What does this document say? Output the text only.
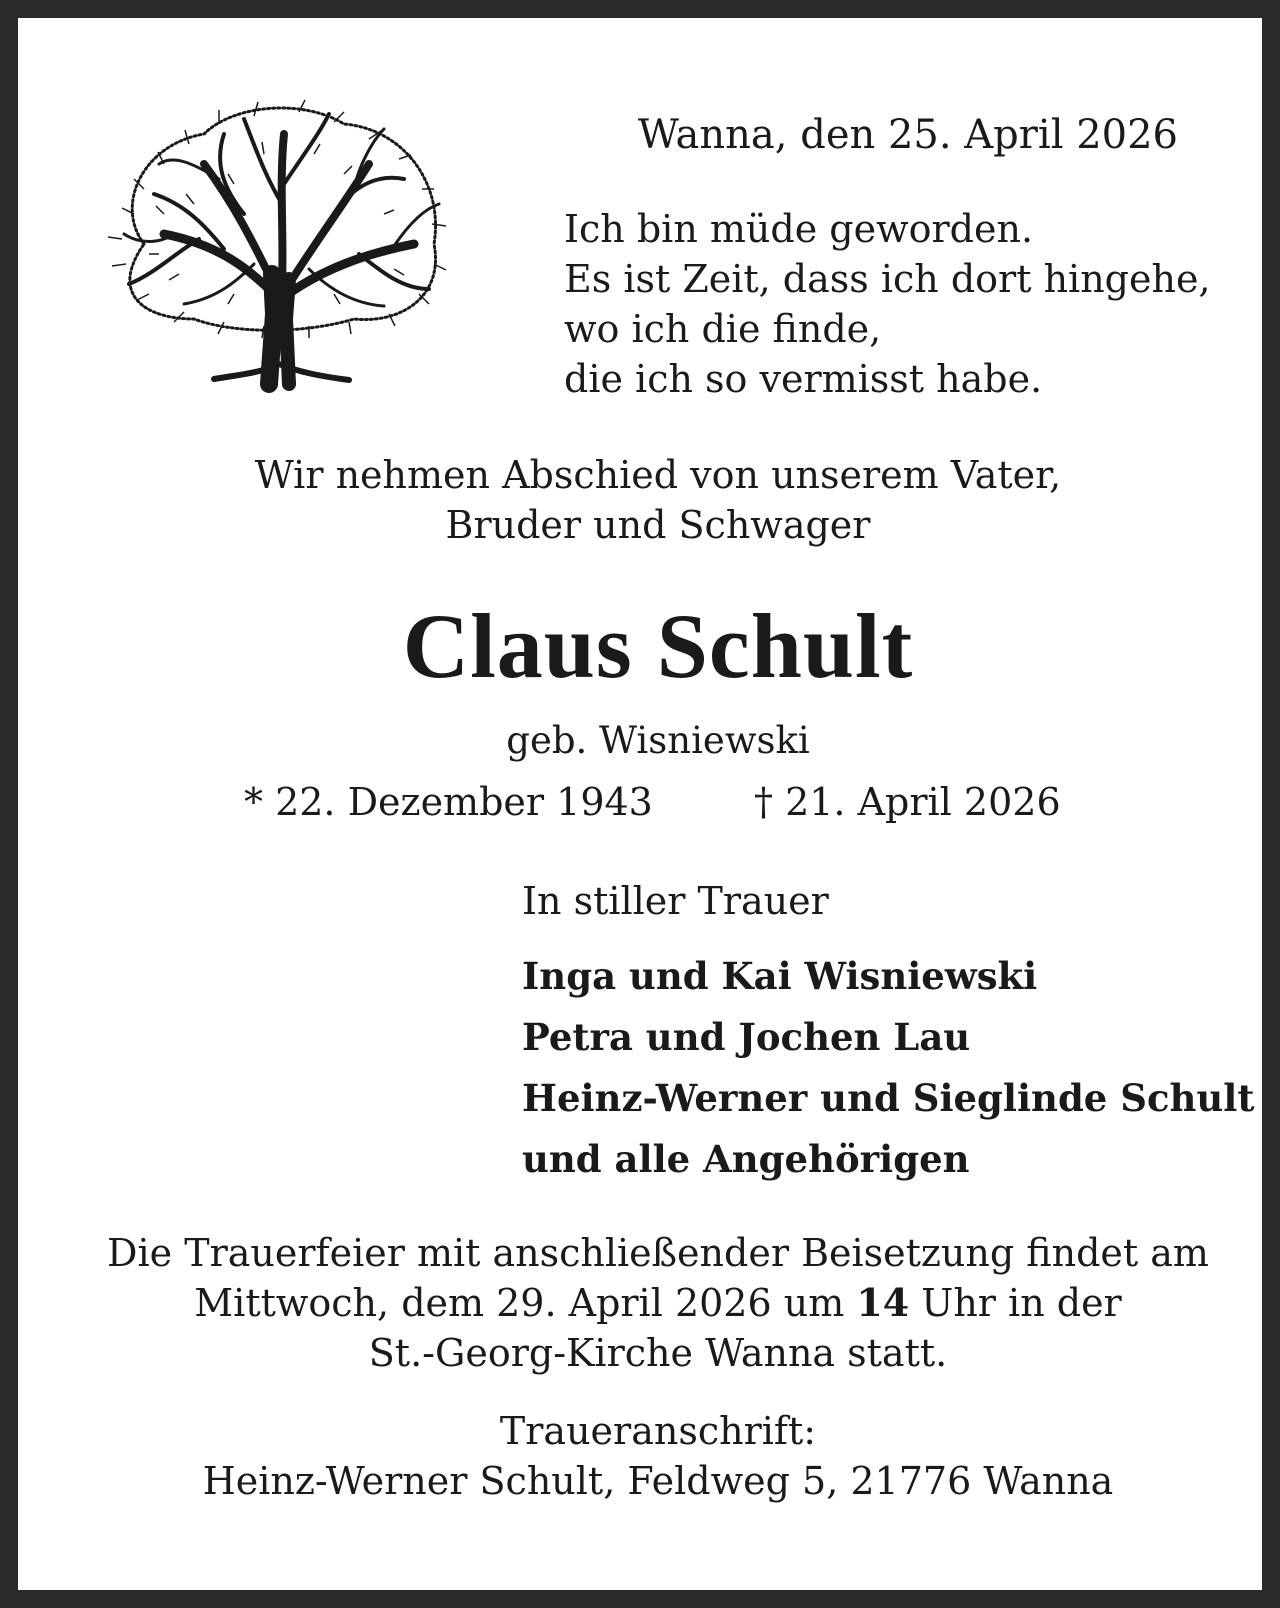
Wanna, den 25. April 2026
Ich bin müde geworden.
Es ist Zeit, dass ich dort hingehe,
wo ich die finde,
die ich so vermisst habe.
Wir nehmen Abschied von unserem Vater,
Bruder und Schwager
Claus Schult
geb. Wisniewski
* 22. Dezember 1943	† 21. April 2026
In stiller Trauer
Inga und Kai Wisniewski
Petra und Jochen Lau
Heinz-Werner und Sieglinde Schult
und alle Angehörigen
Die Trauerfeier mit anschließender Beisetzung findet am
Mittwoch, dem 29. April 2026 um 14 Uhr in der
St.-Georg-Kirche Wanna statt.
Traueranschrift:
Heinz-Werner Schult, Feldweg 5, 21776 Wanna
